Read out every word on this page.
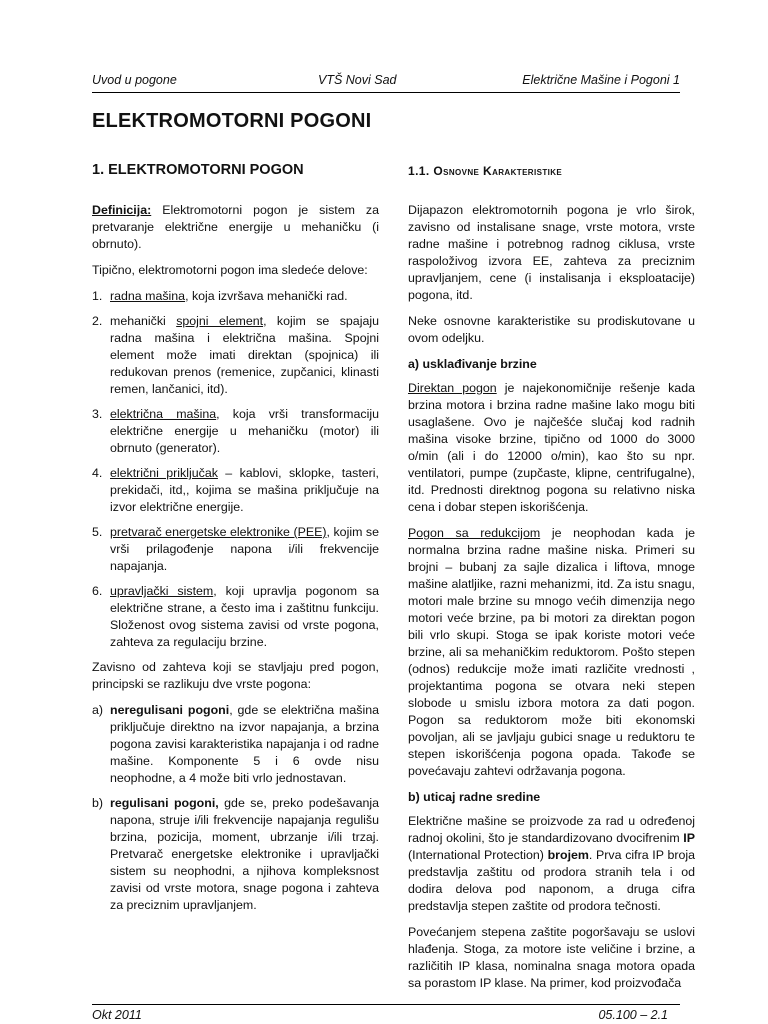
Uvod u pogone	VTŠ Novi Sad	Električne Mašine i Pogoni 1
ELEKTROMOTORNI POGONI
1. ELEKTROMOTORNI POGON

Definicija: Elektromotorni pogon je sistem za pretvaranje električne energije u mehaničku (i obrnuto).

Tipično, elektromotorni pogon ima sledeće delove:

1. radna mašina, koja izvršava mehanički rad.
2. mehanički spojni element, kojim se spajaju radna mašina i električna mašina. Spojni element može imati direktan (spojnica) ili redukovan prenos (remenice, zupčanici, klinasti remen, lančanici, itd).
3. električna mašina, koja vrši transformaciju električne energije u mehaničku (motor) ili obrnuto (generator).
4. električni priključak – kablovi, sklopke, tasteri, prekidači, itd,, kojima se mašina priključuje na izvor električne energije.
5. pretvarač energetske elektronike (PEE), kojim se vrši prilagođenje napona i/ili frekvencije napajanja.
6. upravljački sistem, koji upravlja pogonom sa električne strane, a često ima i zaštitnu funkciju. Složenost ovog sistema zavisi od vrste pogona, zahteva za regulaciju brzine.

Zavisno od zahteva koji se stavljaju pred pogon, principski se razlikuju dve vrste pogona:

a) neregulisani pogoni, gde se električna mašina priključuje direktno na izvor napajanja, a brzina pogona zavisi karakteristika napajanja i od radne mašine. Komponente 5 i 6 ovde nisu neophodne, a 4 može biti vrlo jednostavan.
b) regulisani pogoni, gde se, preko podešavanja napona, struje i/ili frekvencije napajanja regulišu brzina, pozicija, moment, ubrzanje i/ili trzaj. Pretvarač energetske elektronike i upravljački sistem su neophodni, a njihova kompleksnost zavisi od vrste motora, snage pogona i zahteva za preciznim upravljanjem.
1.1. Osnovne Karakteristike

Dijapazon elektromotornih pogona je vrlo širok, zavisno od instalisane snage, vrste motora, vrste radne mašine i potrebnog radnog ciklusa, vrste raspoloživog izvora EE, zahteva za preciznim upravljanjem, cene (i instalisanja i eksploatacije) pogona, itd.

Neke osnovne karakteristike su prodiskutovane u ovom odeljku.

a) usklađivanje brzine

Direktan pogon je najekonomičnije rešenje kada brzina motora i brzina radne mašine lako mogu biti usaglašene. Ovo je najčešće slučaj kod radnih mašina visoke brzine, tipično od 1000 do 3000 o/min (ali i do 12000 o/min), kao što su npr. ventilatori, pumpe (zupčaste, klipne, centrifugalne), itd. Prednosti direktnog pogona su relativno niska cena i dobar stepen iskorišćenja.

Pogon sa redukcijom je neophodan kada je normalna brzina radne mašine niska. Primeri su brojni – bubanj za sajle dizalica i liftova, mnoge mašine alatljike, razni mehanizmi, itd. Za istu snagu, motori male brzine su mnogo većih dimenzija nego motori veće brzine, pa bi motori za direktan pogon bili vrlo skupi. Stoga se ipak koriste motori veće brzine, ali sa mehaničkim reduktorom. Pošto stepen (odnos) redukcije može imati različite vrednosti , projektantima pogona se otvara neki stepen slobode u smislu izbora motora za dati pogon. Pogon sa reduktorom može biti ekonomski povoljan, ali se javljaju gubici snage u reduktoru te stepen iskorišćenja pogona opada. Takođe se povećavaju zahtevi održavanja pogona.

b) uticaj radne sredine

Električne mašine se proizvode za rad u određenoj radnoj okolini, što je standardizovano dvocifrenim IP (International Protection) brojem. Prva cifra IP broja predstavlja zaštitu od prodora stranih tela i od dodira delova pod naponom, a druga cifra predstavlja stepen zaštite od prodora tečnosti.

Povećanjem stepena zaštite pogoršavaju se uslovi hlađenja. Stoga, za motore iste veličine i brzine, a različitih IP klasa, nominalna snaga motora opada sa porastom IP klase. Na primer, kod proizvođača

Okt 2011	05.100 – 2.1
